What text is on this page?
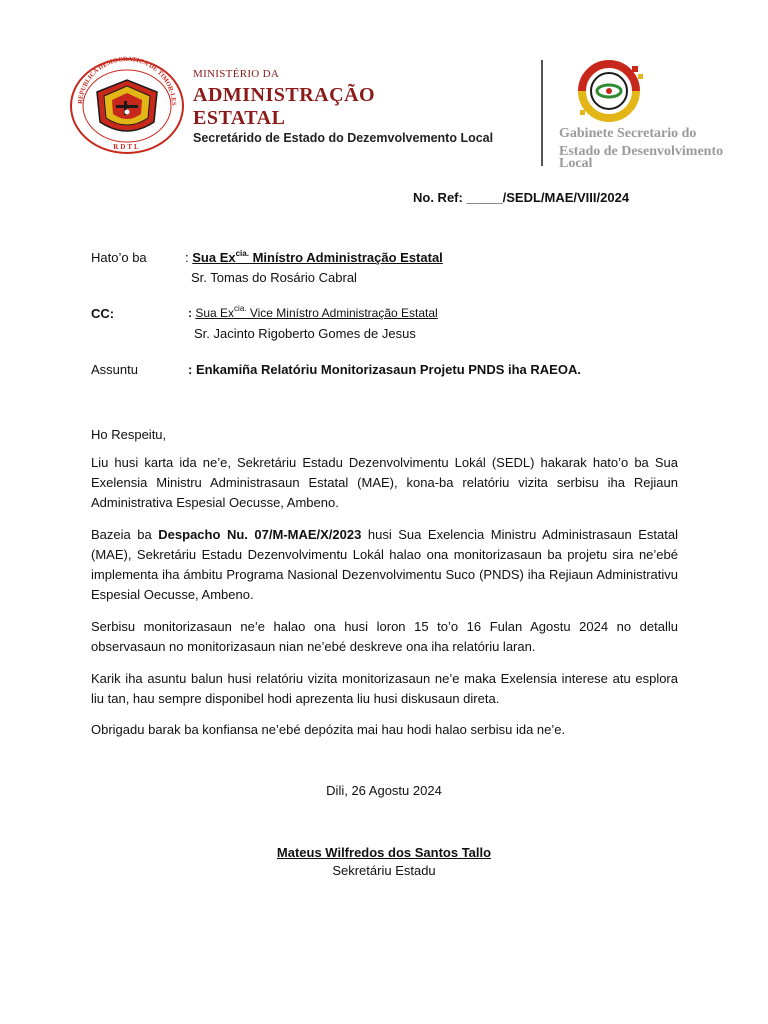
REPUBLICA DEMOCRATICA DE TIMOR-LES
RDTL
MINISTÉRIO DA
ADMINISTRAÇÃO
ESTATAL
Secretárido de Estado do Dezemvolvemento Local	Gabinete Secretario do
Estado de Desenvolvimento
Local
No. Ref: _____/SEDL/MAE/VIII/2024
Hato’o ba	: Sua $Ex^{cia.}$ Minístro Administração Estatal
Sr. Tomas do Rosário Cabral
CC:	: Sua $Ex^{cia.}$ Vice Minístro Administração Estatal
Sr. Jacinto Rigoberto Gomes de Jesus
Assuntu	: Enkamiña Relatóriu Monitorizasaun Projetu PNDS iha RAEOA.
Ho Respeitu,
Liu husi karta ida ne’e, Sekretáriu Estadu Dezenvolvimentu Lokál (SEDL) hakarak hato’o ba Sua Exelensia Ministru Administrasaun Estatal (MAE), kona-ba relatóriu vizita serbisu iha Rejiaun Administrativa Espesial Oecusse, Ambeno.
Bazeia ba Despacho Nu. 07/M-MAE/X/2023 husi Sua Exelencia Ministru Administrasaun Estatal (MAE), Sekretáriu Estadu Dezenvolvimentu Lokál halao ona monitorizasaun ba projetu sira ne’ebé implementa iha ámbitu Programa Nasional Dezenvolvimentu Suco (PNDS) iha Rejiaun Administrativu Espesial Oecusse, Ambeno.
Serbisu monitorizasaun ne’e halao ona husi loron 15 to’o 16 Fulan Agostu 2024 no detallu observasaun no monitorizasaun nian ne’ebé deskreve ona iha relatóriu laran.
Karik iha asuntu balun husi relatóriu vizita monitorizasaun ne’e maka Exelensia interese atu esplora liu tan, hau sempre disponibel hodi aprezenta liu husi diskusaun direta.
Obrigadu barak ba konfiansa ne’ebé depózita mai hau hodi halao serbisu ida ne’e.
Dili, 26 Agostu 2024
Mateus Wilfredos dos Santos Tallo
Sekretáriu Estadu
